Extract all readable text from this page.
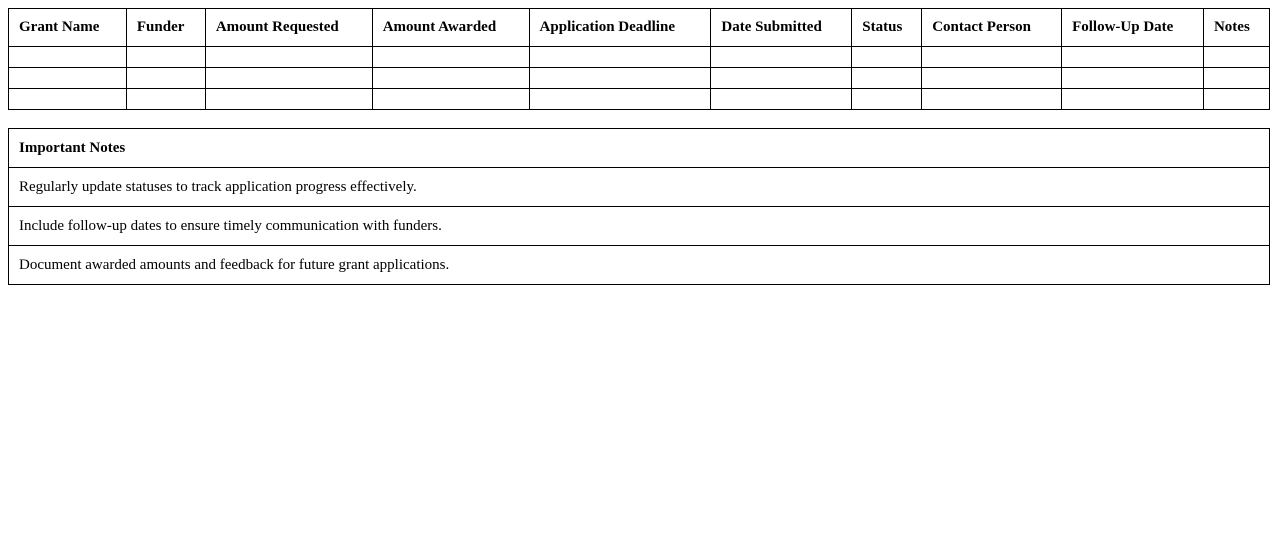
Grant Name	Funder	Amount Requested	Amount Awarded	Application Deadline	Date Submitted	Status	Contact Person	Follow-Up Date	Notes

Important Notes
Regularly update statuses to track application progress effectively.
Include follow-up dates to ensure timely communication with funders.
Document awarded amounts and feedback for future grant applications.
